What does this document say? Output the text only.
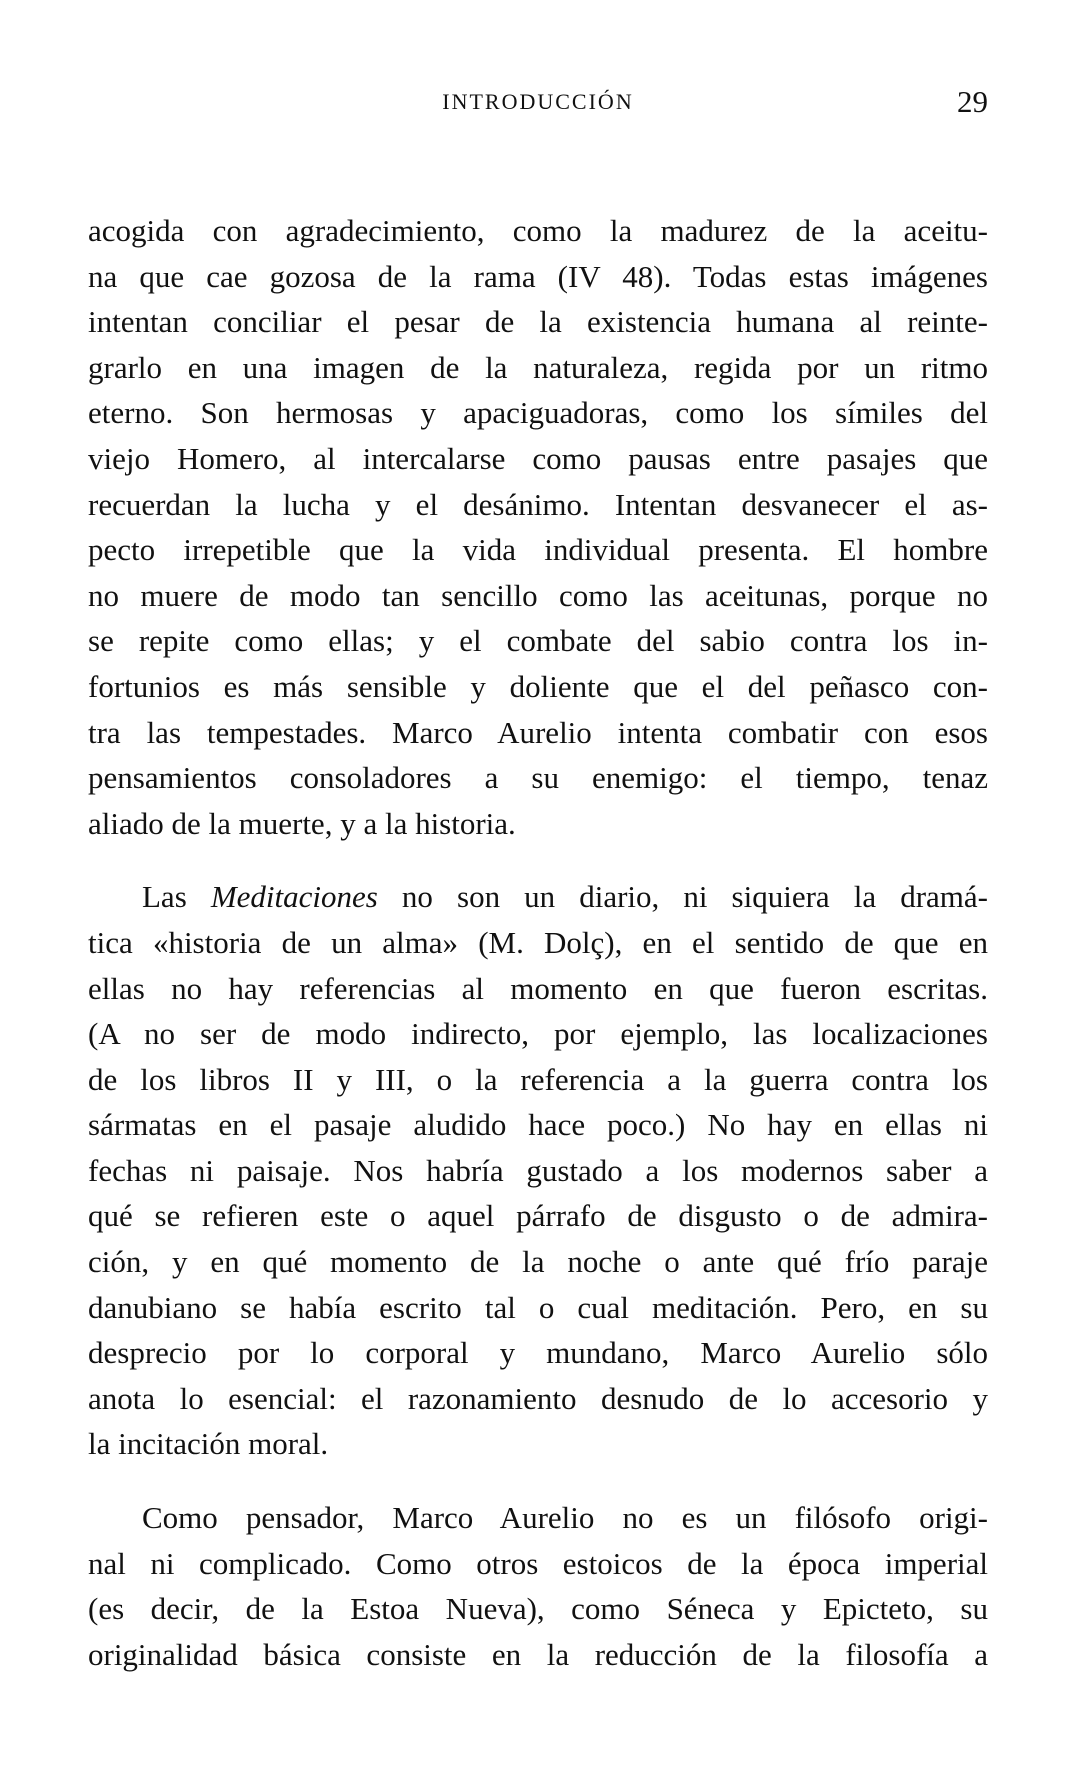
INTRODUCCIÓN	29
acogida con agradecimiento, como la madurez de la aceitu-
na que cae gozosa de la rama (IV 48). Todas estas imágenes
intentan conciliar el pesar de la existencia humana al reinte-
grarlo en una imagen de la naturaleza, regida por un ritmo
eterno. Son hermosas y apaciguadoras, como los símiles del
viejo Homero, al intercalarse como pausas entre pasajes que
recuerdan la lucha y el desánimo. Intentan desvanecer el as-
pecto irrepetible que la vida individual presenta. El hombre
no muere de modo tan sencillo como las aceitunas, porque no
se repite como ellas; y el combate del sabio contra los in-
fortunios es más sensible y doliente que el del peñasco con-
tra las tempestades. Marco Aurelio intenta combatir con esos
pensamientos consoladores a su enemigo: el tiempo, tenaz
aliado de la muerte, y a la historia.
Las Meditaciones no son un diario, ni siquiera la dramá-
tica «historia de un alma» (M. Dolç), en el sentido de que en
ellas no hay referencias al momento en que fueron escritas.
(A no ser de modo indirecto, por ejemplo, las localizaciones
de los libros II y III, o la referencia a la guerra contra los
sármatas en el pasaje aludido hace poco.) No hay en ellas ni
fechas ni paisaje. Nos habría gustado a los modernos saber a
qué se refieren este o aquel párrafo de disgusto o de admira-
ción, y en qué momento de la noche o ante qué frío paraje
danubiano se había escrito tal o cual meditación. Pero, en su
desprecio por lo corporal y mundano, Marco Aurelio sólo
anota lo esencial: el razonamiento desnudo de lo accesorio y
la incitación moral.
Como pensador, Marco Aurelio no es un filósofo origi-
nal ni complicado. Como otros estoicos de la época imperial
(es decir, de la Estoa Nueva), como Séneca y Epicteto, su
originalidad básica consiste en la reducción de la filosofía a
